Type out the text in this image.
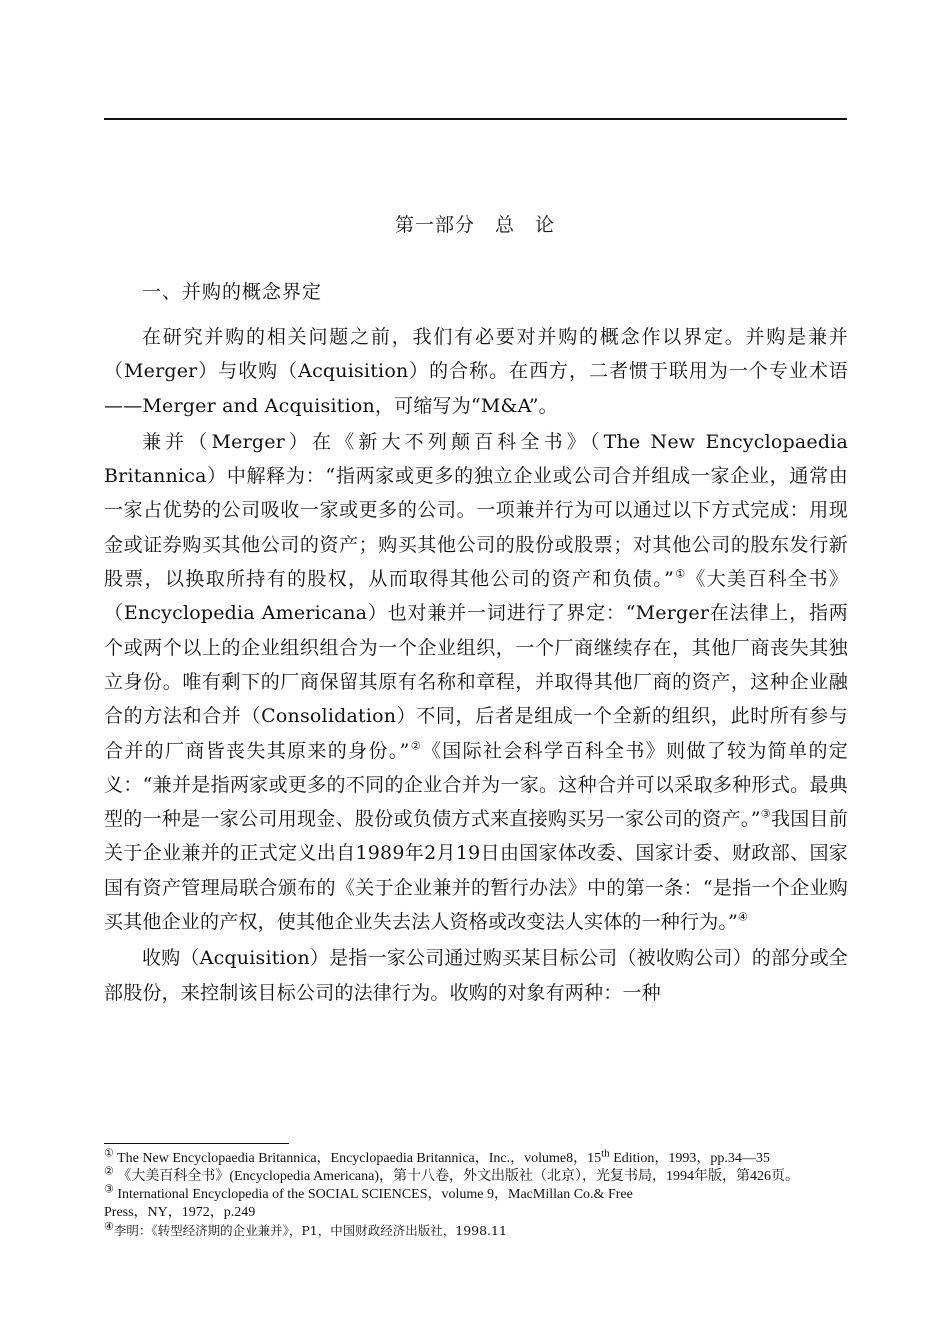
第一部分　总　论
一、并购的概念界定

在研究并购的相关问题之前，我们有必要对并购的概念作以界定。并购是兼并（Merger）与收购（Acquisition）的合称。在西方，二者惯于联用为一个专业术语——Merger and Acquisition，可缩写为“M&A”。

兼并（Merger）在《新大不列颠百科全书》（The New Encyclopaedia Britannica）中解释为：“指两家或更多的独立企业或公司合并组成一家企业，通常由一家占优势的公司吸收一家或更多的公司。一项兼并行为可以通过以下方式完成：用现金或证券购买其他公司的资产；购买其他公司的股份或股票；对其他公司的股东发行新股票，以换取所持有的股权，从而取得其他公司的资产和负债。”①《大美百科全书》（Encyclopedia Americana）也对兼并一词进行了界定：“Merger在法律上，指两个或两个以上的企业组织组合为一个企业组织，一个厂商继续存在，其他厂商丧失其独立身份。唯有剩下的厂商保留其原有名称和章程，并取得其他厂商的资产，这种企业融合的方法和合并（Consolidation）不同，后者是组成一个全新的组织，此时所有参与合并的厂商皆丧失其原来的身份。”②《国际社会科学百科全书》则做了较为简单的定义：“兼并是指两家或更多的不同的企业合并为一家。这种合并可以采取多种形式。最典型的一种是一家公司用现金、股份或负债方式来直接购买另一家公司的资产。”③我国目前关于企业兼并的正式定义出自1989年2月19日由国家体改委、国家计委、财政部、国家国有资产管理局联合颁布的《关于企业兼并的暂行办法》中的第一条：“是指一个企业购买其他企业的产权，使其他企业失去法人资格或改变法人实体的一种行为。”④

收购（Acquisition）是指一家公司通过购买某目标公司（被收购公司）的部分或全部股份，来控制该目标公司的法律行为。收购的对象有两种：一种

① The New Encyclopaedia Britannica，Encyclopaedia Britannica，Inc.，volume8，15th Edition，1993，pp.34—35
② 《大美百科全书》(Encyclopedia Americana)，第十八卷，外文出版社（北京），光复书局，1994年版，第426页。
③ International Encyclopedia of the SOCIAL SCIENCES，volume 9，MacMillan Co.& Free
Press，NY，1972，p.249
④李明：《转型经济期的企业兼并》，P1，中国财政经济出版社，1998.11
